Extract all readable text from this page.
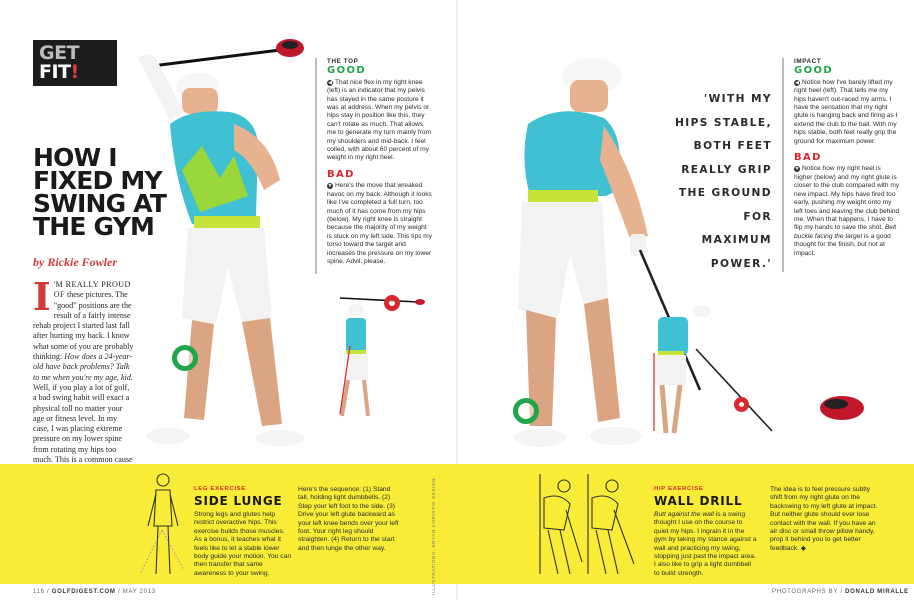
GET
FIT!
HOW I FIXED MY SWING AT THE GYM
by Rickie Fowler
I 'M REALLY PROUD OF these pictures. The "good" positions are the result of a fairly intense rehab project I started last fall after hurting my back. I know what some of you are probably thinking: How does a 24-year-old have back problems? Talk to me when you're my age, kid. Well, if you play a lot of golf, a bad swing habit will exact a physical toll no matter your age or fitness level. In my case, I was placing extreme pressure on my lower spine from rotating my hips too much. This is a common cause
THE TOP
GOOD

◀ That nice flex in my right knee (left) is an indicator that my pelvis has stayed in the same posture it was at address. When my pelvis or hips stay in position like this, they can't rotate as much. That allows me to generate my turn mainly from my shoulders and mid-back. I feel coiled, with about 60 percent of my weight in my right heel.

BAD

▼ Here's the move that wreaked havoc on my back. Although it looks like I've completed a full turn, too much of it has come from my hips (below). My right knee is straight because the majority of my weight is stuck on my left side. This tips my torso toward the target and increases the pressure on my lower spine. Advil, please.

'WITH MY HIPS STABLE, BOTH FEET REALLY GRIP THE GROUND FOR MAXIMUM POWER.'

IMPACT
GOOD

◀ Notice how I've barely lifted my right heel (left). That tells me my hips haven't out-raced my arms. I have the sensation that my right glute is hanging back and firing as I extend the club to the ball. With my hips stable, both feet really grip the ground for maximum power.

BAD

▼ Notice how my right heel is higher (below) and my right glute is closer to the club compared with my new impact. My hips have fired too early, pushing my weight onto my left toes and leaving the club behind me. When that happens, I have to flip my hands to save the shot. Belt buckle facing the target is a good thought for the finish, but not at impact.

LEG EXERCISE
SIDE LUNGE

Strong legs and glutes help restrict overactive hips. This exercise builds those muscles. As a bonus, it teaches what it feels like to let a stable lower body guide your motion. You can then transfer that same awareness to your swing.

Here's the sequence: (1) Stand tall, holding light dumbbells. (2) Step your left foot to the side. (3) Drive your left glute backward as your left knee bends over your left foot. Your right leg should straighten. (4) Return to the start and then lunge the other way.	ILLUSTRATIONS: BRYAN CHRISTIE DESIGN	HIP EXERCISE
WALL DRILL

Butt against the wall is a swing thought I use on the course to quiet my hips. I ingrain it in the gym by taking my stance against a wall and practicing my swing, stopping just past the impact area. I also like to grip a light dumbbell to build strength.

The idea is to feel pressure subtly shift from my right glute on the backswing to my left glute at impact. But neither glute should ever lose contact with the wall. If you have an air disc or small throw pillow handy, prop it behind you to get better feedback. ◆

116 / GOLFDIGEST.COM / MAY 2013	PHOTOGRAPHS BY / DONALD MIRALLE
